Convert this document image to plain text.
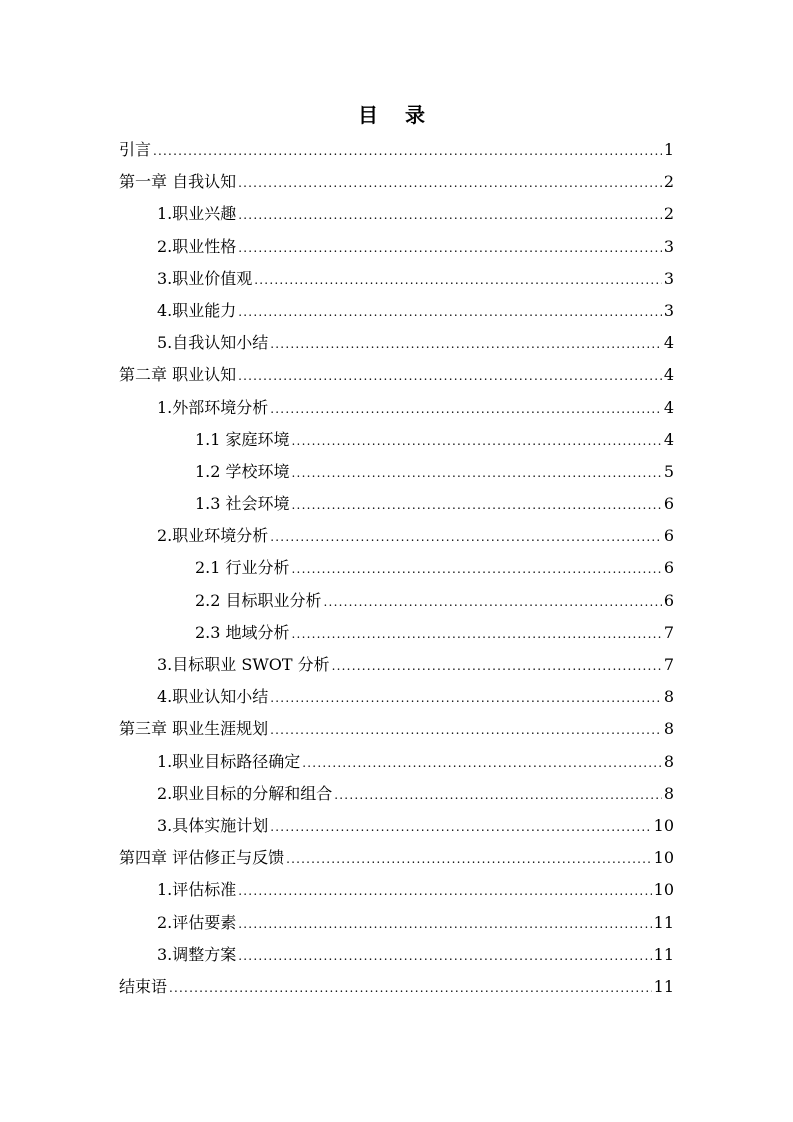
目 录
引言 .....	1
第一章 自我认知 .....	2
1.职业兴趣 .....	2
2.职业性格 .....	3
3.职业价值观 .....	3
4.职业能力 .....	3
5.自我认知小结 .....	4
第二章 职业认知 .....	4
1.外部环境分析 .....	4
1.1 家庭环境 .....	4
1.2 学校环境 .....	5
1.3 社会环境 .....	6
2.职业环境分析 .....	6
2.1 行业分析 .....	6
2.2 目标职业分析 .....	6
2.3 地域分析 .....	7
3.目标职业 SWOT 分析 .....	7
4.职业认知小结 .....	8
第三章 职业生涯规划 .....	8
1.职业目标路径确定 .....	8
2.职业目标的分解和组合 .....	8
3.具体实施计划 .....	10
第四章 评估修正与反馈 .....	10
1.评估标准 .....	10
2.评估要素 .....	11
3.调整方案 .....	11
结束语 .....	11
